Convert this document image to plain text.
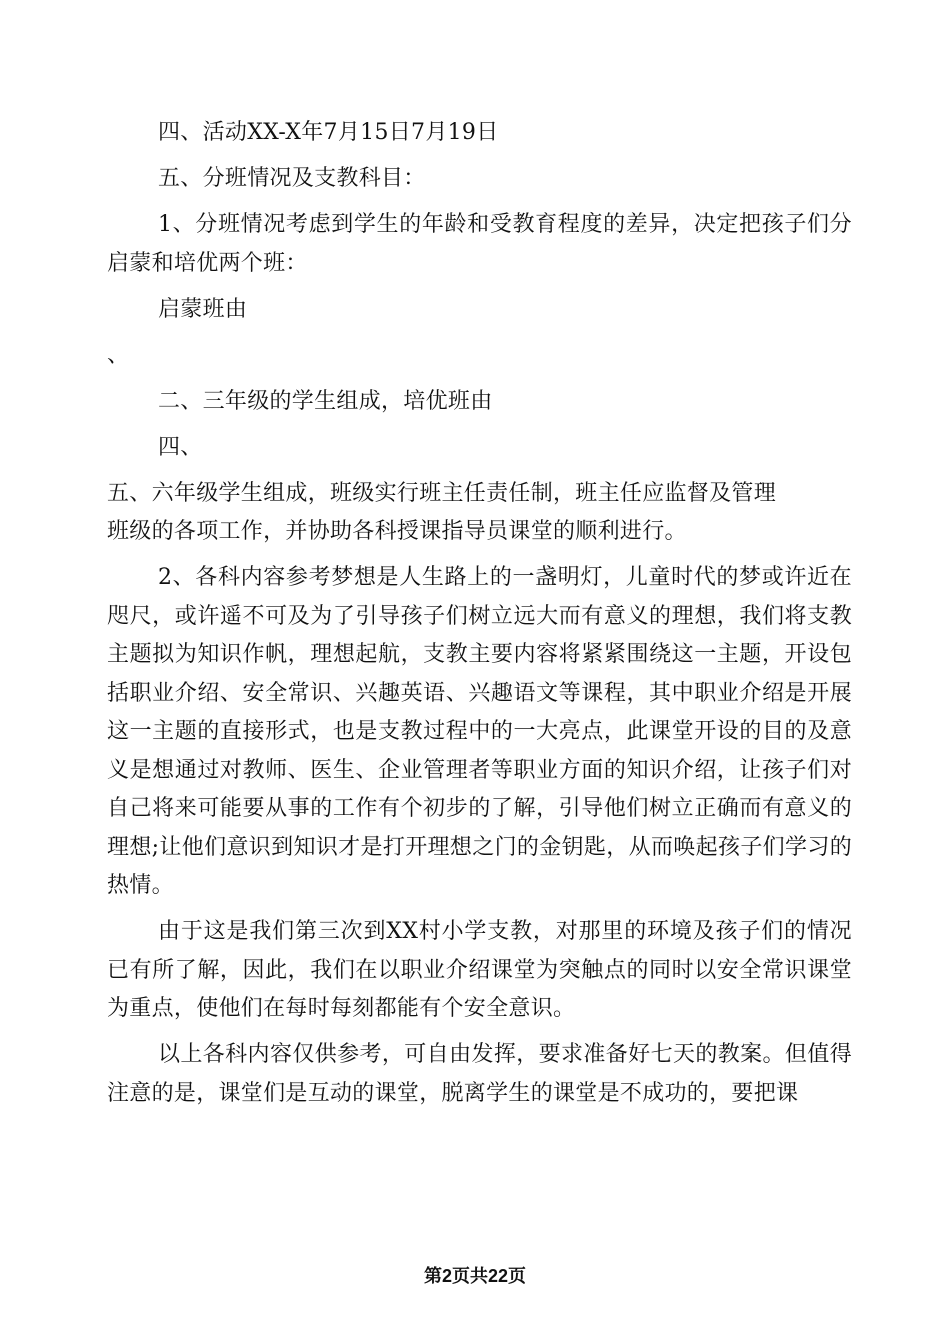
四、活动XX-X年7月15日7月19日

五、分班情况及支教科目：

1、分班情况考虑到学生的年龄和受教育程度的差异，决定把孩子们分启蒙和培优两个班：

启蒙班由

、

二、三年级的学生组成，培优班由

四、

五、六年级学生组成，班级实行班主任责任制，班主任应监督及管理

班级的各项工作，并协助各科授课指导员课堂的顺利进行。

2、各科内容参考梦想是人生路上的一盏明灯，儿童时代的梦或许近在咫尺，或许遥不可及为了引导孩子们树立远大而有意义的理想，我们将支教主题拟为知识作帆，理想起航，支教主要内容将紧紧围绕这一主题，开设包括职业介绍、安全常识、兴趣英语、兴趣语文等课程，其中职业介绍是开展这一主题的直接形式，也是支教过程中的一大亮点，此课堂开设的目的及意义是想通过对教师、医生、企业管理者等职业方面的知识介绍，让孩子们对自己将来可能要从事的工作有个初步的了解，引导他们树立正确而有意义的理想;让他们意识到知识才是打开理想之门的金钥匙，从而唤起孩子们学习的热情。

由于这是我们第三次到XX村小学支教，对那里的环境及孩子们的情况已有所了解，因此，我们在以职业介绍课堂为突触点的同时以安全常识课堂为重点，使他们在每时每刻都能有个安全意识。

以上各科内容仅供参考，可自由发挥，要求准备好七天的教案。但值得注意的是，课堂们是互动的课堂，脱离学生的课堂是不成功的，要把课

第2页共22页
